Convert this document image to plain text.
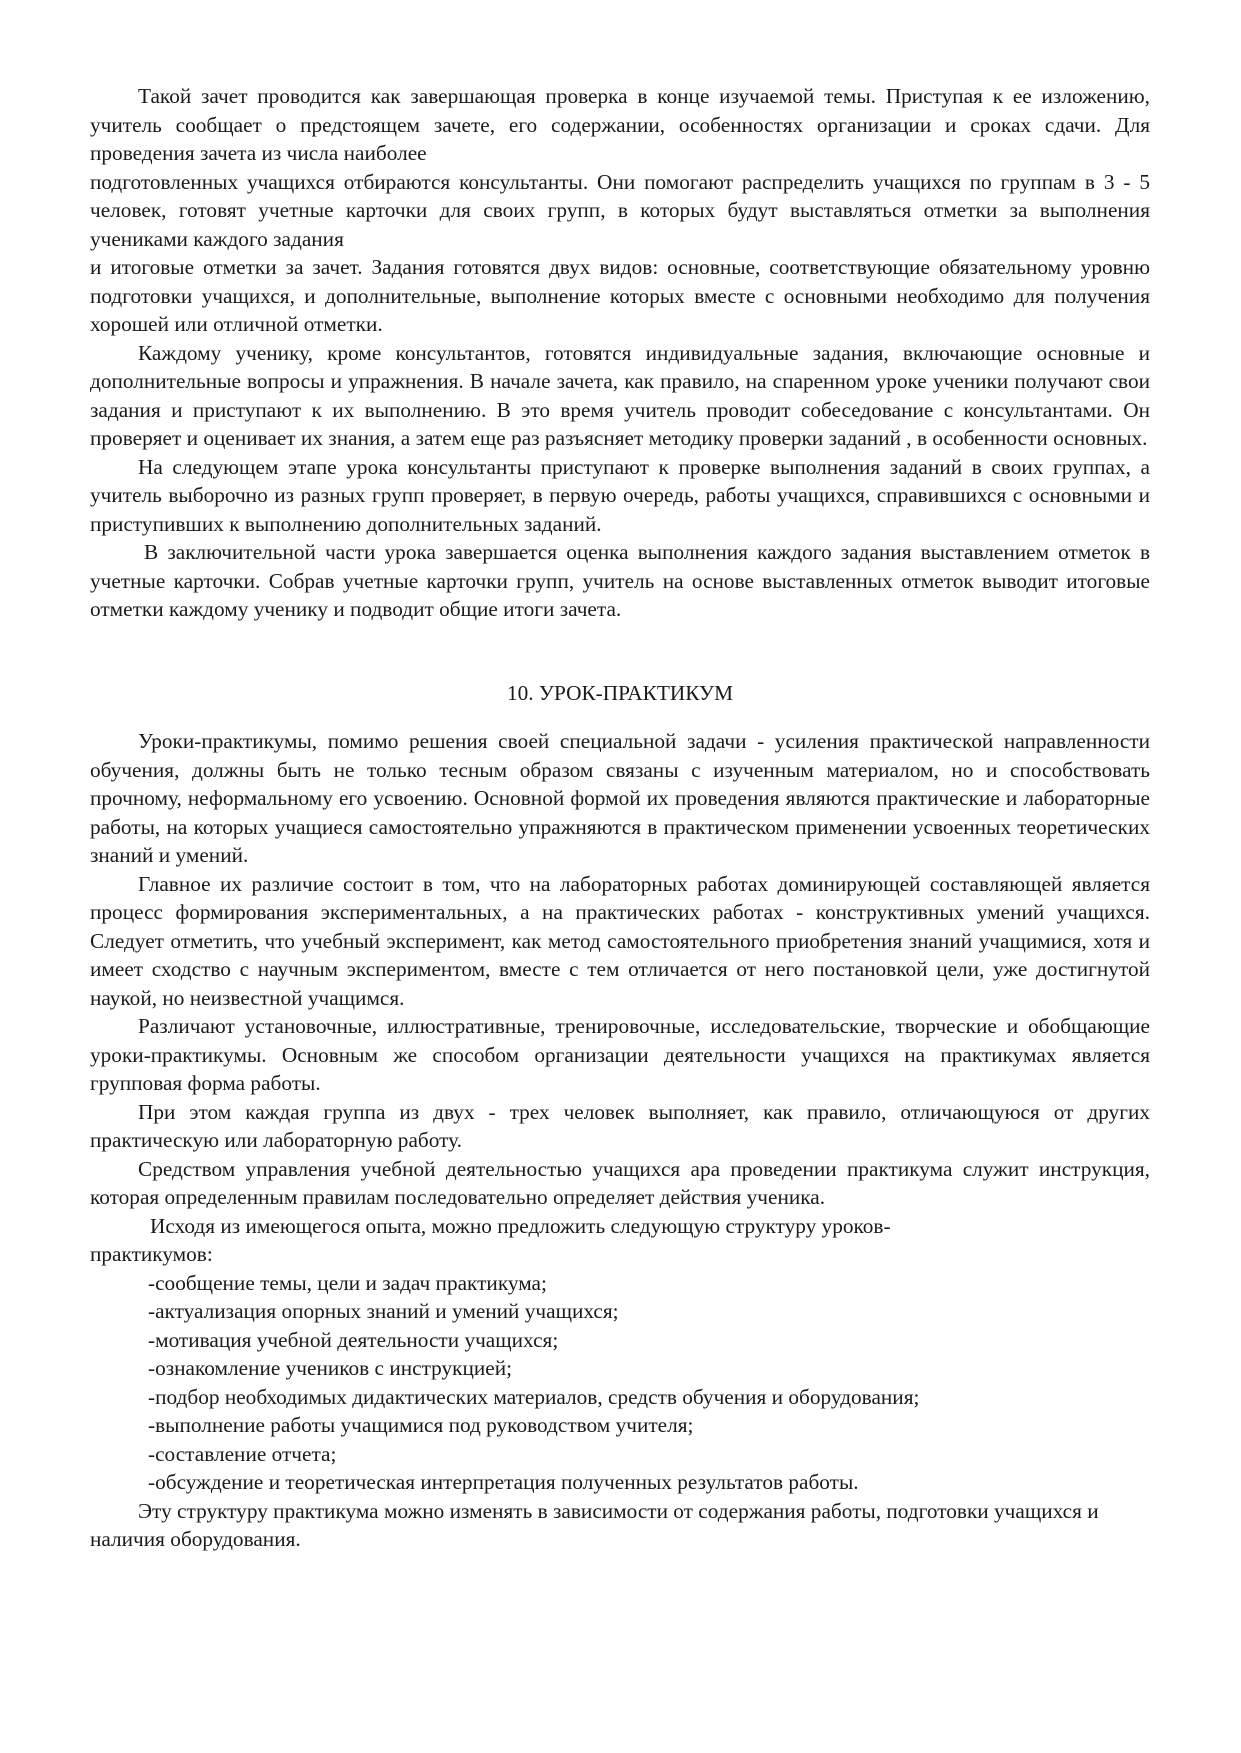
Такой зачет проводится как завершающая проверка в конце изучаемой темы. Приступая к ее изложению, учитель сообщает о предстоящем зачете, его содержании, особенностях организации и сроках сдачи. Для проведения зачета из числа наиболее
подготовленных учащихся отбираются консультанты. Они помогают распределить учащихся по группам в 3 - 5 человек, готовят учетные карточки для своих групп, в которых будут выставляться отметки за выполнения учениками каждого задания
и итоговые отметки за зачет. Задания готовятся двух видов: основные, соответствующие обязательному уровню подготовки учащихся, и дополнительные, выполнение которых вместе с основными необходимо для получения хорошей или отличной отметки.

Каждому ученику, кроме консультантов, готовятся индивидуальные задания, включающие основные и дополнительные вопросы и упражнения. В начале зачета, как правило, на спаренном уроке ученики получают свои задания и приступают к их выполнению. В это время учитель проводит собеседование с консультантами. Он проверяет и оценивает их знания, а затем еще раз разъясняет методику проверки заданий , в особенности основных.

На следующем этапе урока консультанты приступают к проверке выполнения заданий в своих группах, а учитель выборочно из разных групп проверяет, в первую очередь, работы учащихся, справившихся с основными и приступивших к выполнению дополнительных заданий.

В заключительной части урока завершается оценка выполнения каждого задания выставлением отметок в учетные карточки. Собрав учетные карточки групп, учитель на основе выставленных отметок выводит итоговые отметки каждому ученику и подводит общие итоги зачета.

10. УРОК-ПРАКТИКУМ

Уроки-практикумы, помимо решения своей специальной задачи - усиления практической направленности обучения, должны быть не только тесным образом связаны с изученным материалом, но и способствовать прочному, неформальному его усвоению. Основной формой их проведения являются практические и лабораторные работы, на которых учащиеся самостоятельно упражняются в практическом применении усвоенных теоретических знаний и умений.

Главное их различие состоит в том, что на лабораторных работах доминирующей составляющей является процесс формирования экспериментальных, а на практических работах - конструктивных умений учащихся. Следует отметить, что учебный эксперимент, как метод самостоятельного приобретения знаний учащимися, хотя и имеет сходство с научным экспериментом, вместе с тем отличается от него постановкой цели, уже достигнутой наукой, но неизвестной учащимся.

Различают установочные, иллюстративные, тренировочные, исследовательские, творческие и обобщающие уроки-практикумы. Основным же способом организации деятельности учащихся на практикумах является групповая форма работы.

При этом каждая группа из двух - трех человек выполняет, как правило, отличающуюся от других практическую или лабораторную работу.

Средством управления учебной деятельностью учащихся ара проведении практикума служит инструкция, которая определенным правилам последовательно определяет действия ученика.

Исходя из имеющегося опыта, можно предложить следующую структуру уроков-
практикумов:

-сообщение темы, цели и задач практикума;

-актуализация опорных знаний и умений учащихся;

-мотивация учебной деятельности учащихся;

-ознакомление учеников с инструкцией;

-подбор необходимых дидактических материалов, средств обучения и оборудования;

-выполнение работы учащимися под руководством учителя;

-составление отчета;

-обсуждение и теоретическая интерпретация полученных результатов работы.

Эту структуру практикума можно изменять в зависимости от содержания работы, подготовки учащихся и наличия оборудования.
